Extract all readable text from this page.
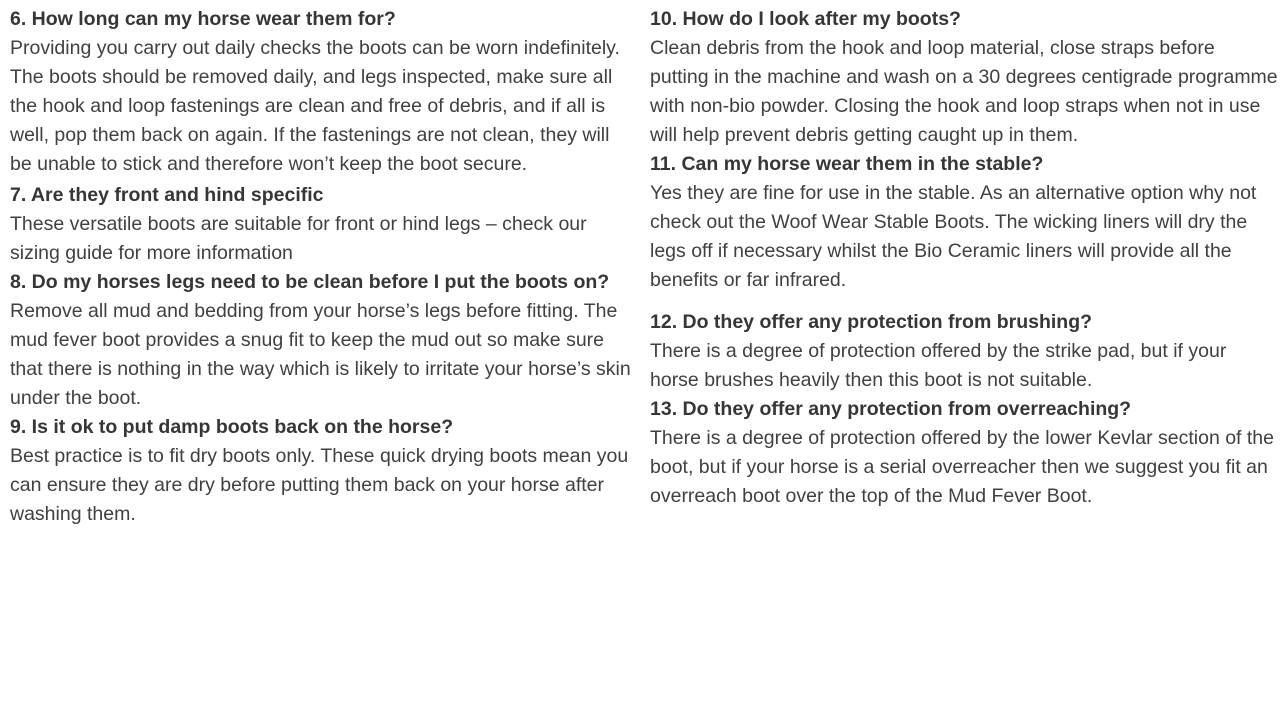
6. How long can my horse wear them for?

Providing you carry out daily checks the boots can be worn indefinitely. The boots should be removed daily, and legs inspected, make sure all the hook and loop fastenings are clean and free of debris, and if all is well, pop them back on again. If the fastenings are not clean, they will be unable to stick and therefore won’t keep the boot secure.

7. Are they front and hind specific

These versatile boots are suitable for front or hind legs – check our sizing guide for more information

8. Do my horses legs need to be clean before I put the boots on?

Remove all mud and bedding from your horse’s legs before fitting. The mud fever boot provides a snug fit to keep the mud out so make sure that there is nothing in the way which is likely to irritate your horse’s skin under the boot.

9. Is it ok to put damp boots back on the horse?

Best practice is to fit dry boots only. These quick drying boots mean you can ensure they are dry before putting them back on your horse after washing them.

10. How do I look after my boots?

Clean debris from the hook and loop material, close straps before putting in the machine and wash on a 30 degrees centigrade programme with non-bio powder. Closing the hook and loop straps when not in use will help prevent debris getting caught up in them.

11. Can my horse wear them in the stable?

Yes they are fine for use in the stable. As an alternative option why not check out the Woof Wear Stable Boots. The wicking liners will dry the legs off if necessary whilst the Bio Ceramic liners will provide all the benefits or far infrared.

12. Do they offer any protection from brushing?

There is a degree of protection offered by the strike pad, but if your horse brushes heavily then this boot is not suitable.

13. Do they offer any protection from overreaching?

There is a degree of protection offered by the lower Kevlar section of the boot, but if your horse is a serial overreacher then we suggest you fit an overreach boot over the top of the Mud Fever Boot.
